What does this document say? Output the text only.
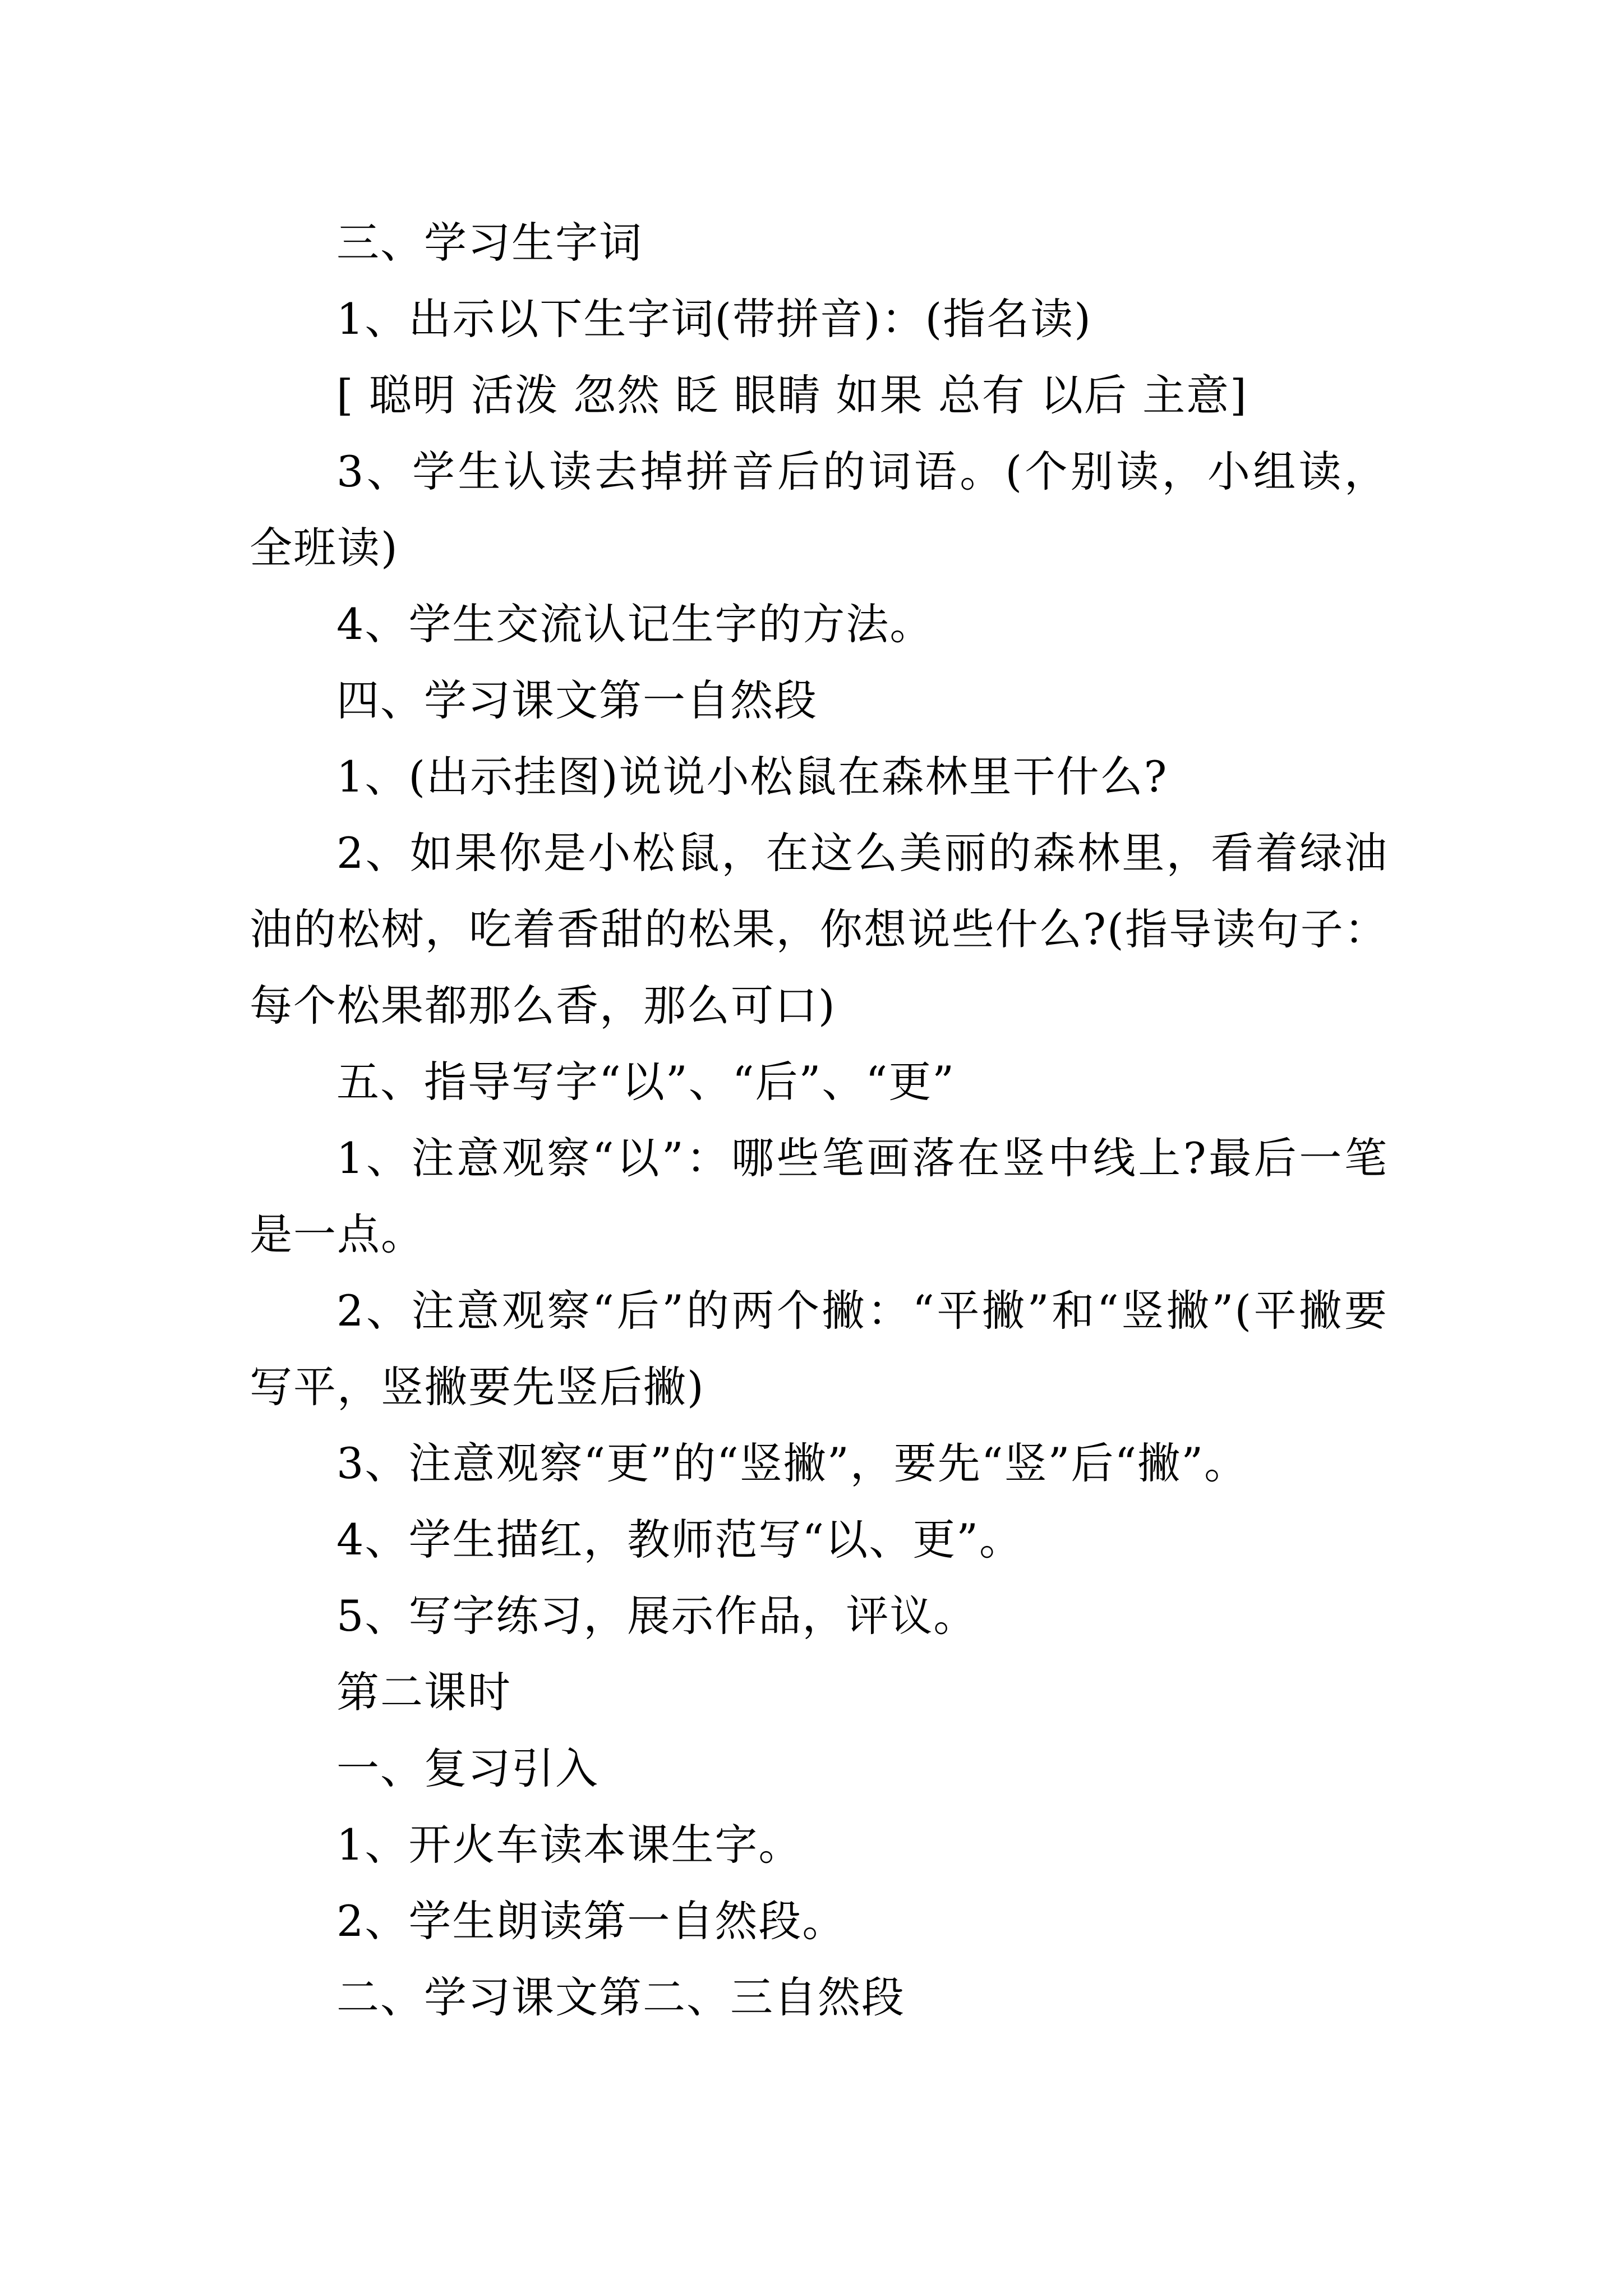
三、学习生字词

1、出示以下生字词(带拼音)：(指名读)

[ 聪明 活泼 忽然 眨 眼睛 如果 总有 以后 主意]

3、学生认读去掉拼音后的词语。(个别读，小组读，全班读)

4、学生交流认记生字的方法。

四、学习课文第一自然段

1、(出示挂图)说说小松鼠在森林里干什么?

2、如果你是小松鼠，在这么美丽的森林里，看着绿油油的松树，吃着香甜的松果，你想说些什么?(指导读句子：每个松果都那么香，那么可口)

五、指导写字“以”、“后”、“更”

1、注意观察“以”：哪些笔画落在竖中线上?最后一笔是一点。

2、注意观察“后”的两个撇：“平撇”和“竖撇”(平撇要写平，竖撇要先竖后撇)

3、注意观察“更”的“竖撇”，要先“竖”后“撇”。

4、学生描红，教师范写“以、更”。

5、写字练习，展示作品，评议。

第二课时

一、复习引入

1、开火车读本课生字。

2、学生朗读第一自然段。

二、学习课文第二、三自然段
